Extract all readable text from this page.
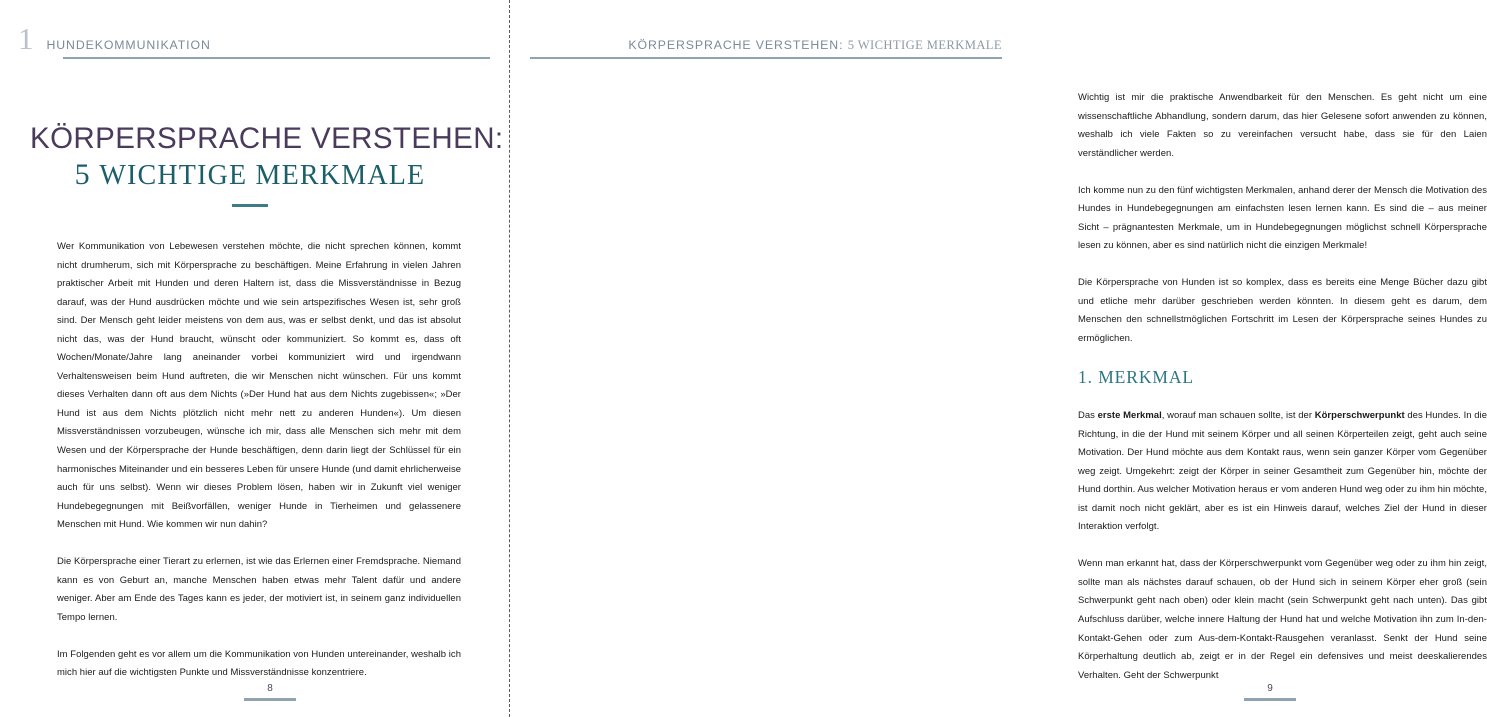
1	HUNDEKOMMUNIKATION
KÖRPERSPRACHE VERSTEHEN:
5 WICHTIGE MERKMALE

Wer Kommunikation von Lebewesen verstehen möchte, die nicht sprechen können, kommt nicht drumherum, sich mit Körpersprache zu beschäftigen. Meine Erfahrung in vielen Jahren praktischer Arbeit mit Hunden und deren Haltern ist, dass die Missverständnisse in Bezug darauf, was der Hund ausdrücken möchte und wie sein artspezifisches Wesen ist, sehr groß sind. Der Mensch geht leider meistens von dem aus, was er selbst denkt, und das ist absolut nicht das, was der Hund braucht, wünscht oder kommuniziert. So kommt es, dass oft Wochen/Monate/Jahre lang aneinander vorbei kommuniziert wird und irgendwann Verhaltensweisen beim Hund auftreten, die wir Menschen nicht wünschen. Für uns kommt dieses Verhalten dann oft aus dem Nichts (»Der Hund hat aus dem Nichts zugebissen«; »Der Hund ist aus dem Nichts plötzlich nicht mehr nett zu anderen Hunden«). Um diesen Missverständnissen vorzubeugen, wünsche ich mir, dass alle Menschen sich mehr mit dem Wesen und der Körpersprache der Hunde beschäftigen, denn darin liegt der Schlüssel für ein harmonisches Miteinander und ein besseres Leben für unsere Hunde (und damit ehrlicherweise auch für uns selbst). Wenn wir dieses Problem lösen, haben wir in Zukunft viel weniger Hundebegegnungen mit Beißvorfällen, weniger Hunde in Tierheimen und gelassenere Menschen mit Hund. Wie kommen wir nun dahin?

Die Körpersprache einer Tierart zu erlernen, ist wie das Erlernen einer Fremdsprache. Niemand kann es von Geburt an, manche Menschen haben etwas mehr Talent dafür und andere weniger. Aber am Ende des Tages kann es jeder, der motiviert ist, in seinem ganz individuellen Tempo lernen.

Im Folgenden geht es vor allem um die Kommunikation von Hunden untereinander, weshalb ich mich hier auf die wichtigsten Punkte und Missverständnisse konzentriere.

8
KÖRPERSPRACHE VERSTEHEN: 5 WICHTIGE MERKMALE

Wichtig ist mir die praktische Anwendbarkeit für den Menschen. Es geht nicht um eine wissenschaftliche Abhandlung, sondern darum, das hier Gelesene sofort anwenden zu können, weshalb ich viele Fakten so zu vereinfachen versucht habe, dass sie für den Laien verständlicher werden.

Ich komme nun zu den fünf wichtigsten Merkmalen, anhand derer der Mensch die Motivation des Hundes in Hundebegegnungen am einfachsten lesen lernen kann. Es sind die – aus meiner Sicht – prägnantesten Merkmale, um in Hundebegegnungen möglichst schnell Körpersprache lesen zu können, aber es sind natürlich nicht die einzigen Merkmale!

Die Körpersprache von Hunden ist so komplex, dass es bereits eine Menge Bücher dazu gibt und etliche mehr darüber geschrieben werden könnten. In diesem geht es darum, dem Menschen den schnellstmöglichen Fortschritt im Lesen der Körpersprache seines Hundes zu ermöglichen.

1. MERKMAL

Das erste Merkmal, worauf man schauen sollte, ist der Körperschwerpunkt des Hundes. In die Richtung, in die der Hund mit seinem Körper und all seinen Körperteilen zeigt, geht auch seine Motivation. Der Hund möchte aus dem Kontakt raus, wenn sein ganzer Körper vom Gegenüber weg zeigt. Umgekehrt: zeigt der Körper in seiner Gesamtheit zum Gegenüber hin, möchte der Hund dorthin. Aus welcher Motivation heraus er vom anderen Hund weg oder zu ihm hin möchte, ist damit noch nicht geklärt, aber es ist ein Hinweis darauf, welches Ziel der Hund in dieser Interaktion verfolgt.

Wenn man erkannt hat, dass der Körperschwerpunkt vom Gegenüber weg oder zu ihm hin zeigt, sollte man als nächstes darauf schauen, ob der Hund sich in seinem Körper eher groß (sein Schwerpunkt geht nach oben) oder klein macht (sein Schwerpunkt geht nach unten). Das gibt Aufschluss darüber, welche innere Haltung der Hund hat und welche Motivation ihn zum In-den-Kontakt-Gehen oder zum Aus-dem-Kontakt-Rausgehen veranlasst. Senkt der Hund seine Körperhaltung deutlich ab, zeigt er in der Regel ein defensives und meist deeskalierendes Verhalten. Geht der Schwerpunkt

9
